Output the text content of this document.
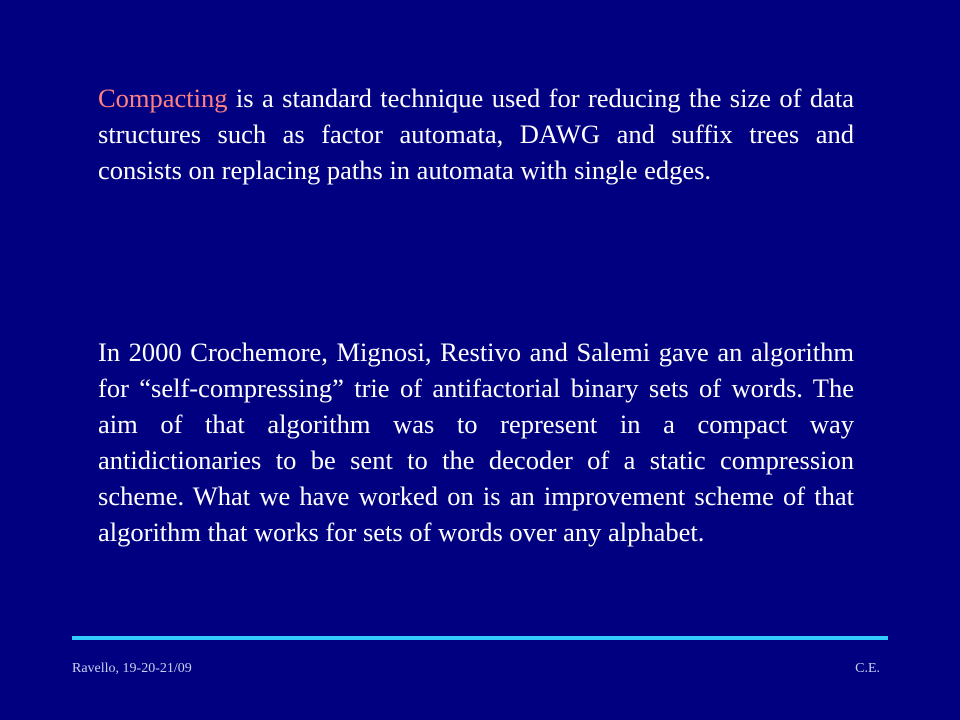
Compacting is a standard technique used for reducing the size of data structures such as factor automata, DAWG and suffix trees and consists on replacing paths in automata with single edges.

In 2000 Crochemore, Mignosi, Restivo and Salemi gave an algorithm for “self-compressing” trie of antifactorial binary sets of words. The aim of that algorithm was to represent in a compact way antidictionaries to be sent to the decoder of a static compression scheme. What we have worked on is an improvement scheme of that algorithm that works for sets of words over any alphabet.

Ravello, 19-20-21/09	C.E.
